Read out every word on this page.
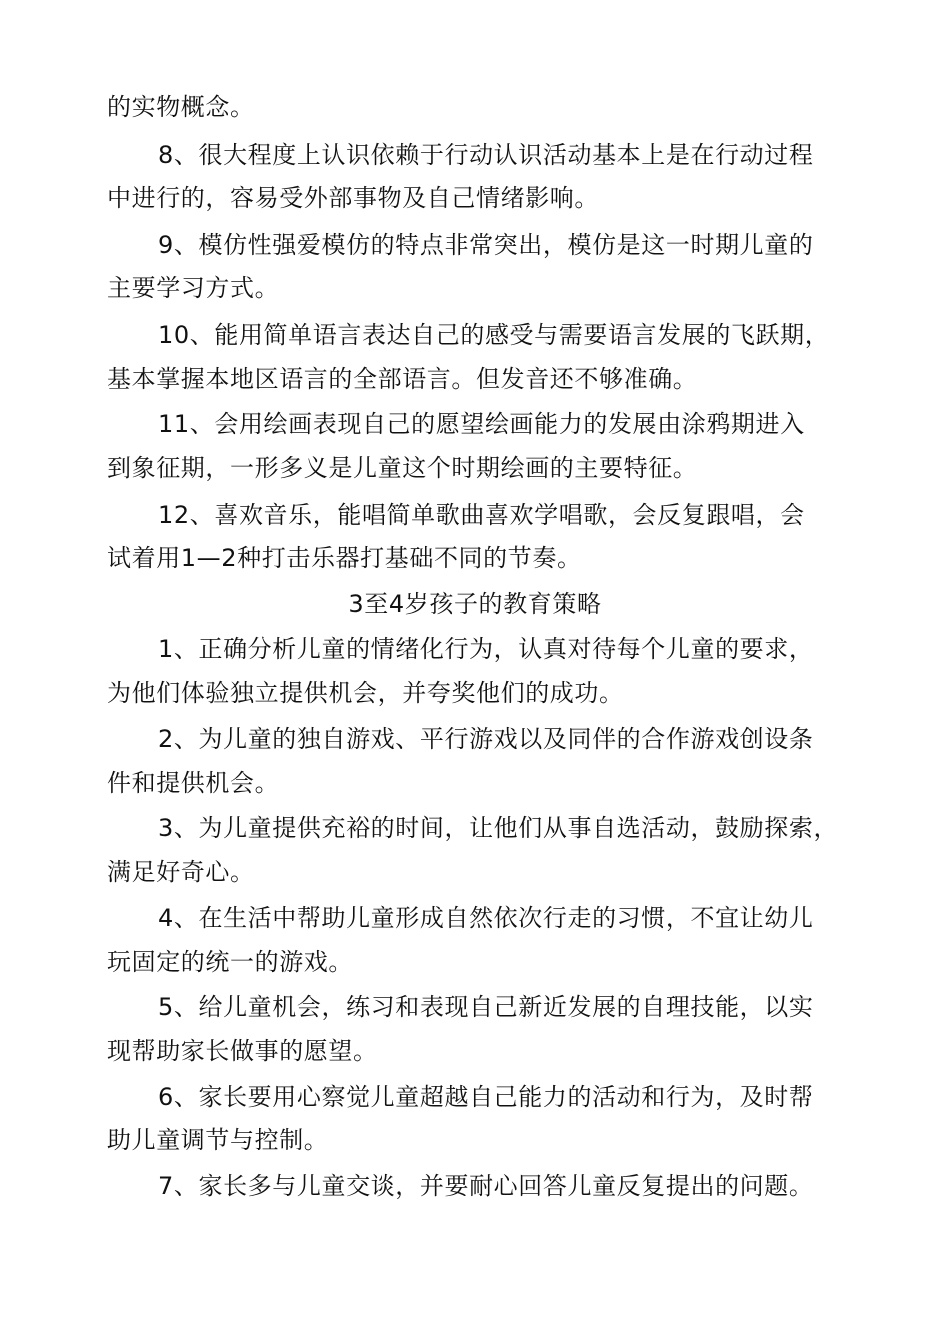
的实物概念。
8、很大程度上认识依赖于行动认识活动基本上是在行动过程
中进行的，容易受外部事物及自己情绪影响。
9、模仿性强爱模仿的特点非常突出，模仿是这一时期儿童的
主要学习方式。
10、能用简单语言表达自己的感受与需要语言发展的飞跃期，
基本掌握本地区语言的全部语言。但发音还不够准确。
11、会用绘画表现自己的愿望绘画能力的发展由涂鸦期进入
到象征期，一形多义是儿童这个时期绘画的主要特征。
12、喜欢音乐，能唱简单歌曲喜欢学唱歌，会反复跟唱，会
试着用1—2种打击乐器打基础不同的节奏。
3至4岁孩子的教育策略
1、正确分析儿童的情绪化行为，认真对待每个儿童的要求，
为他们体验独立提供机会，并夸奖他们的成功。
2、为儿童的独自游戏、平行游戏以及同伴的合作游戏创设条
件和提供机会。
3、为儿童提供充裕的时间，让他们从事自选活动，鼓励探索，
满足好奇心。
4、在生活中帮助儿童形成自然依次行走的习惯，不宜让幼儿
玩固定的统一的游戏。
5、给儿童机会，练习和表现自己新近发展的自理技能，以实
现帮助家长做事的愿望。
6、家长要用心察觉儿童超越自己能力的活动和行为，及时帮
助儿童调节与控制。
7、家长多与儿童交谈，并要耐心回答儿童反复提出的问题。
